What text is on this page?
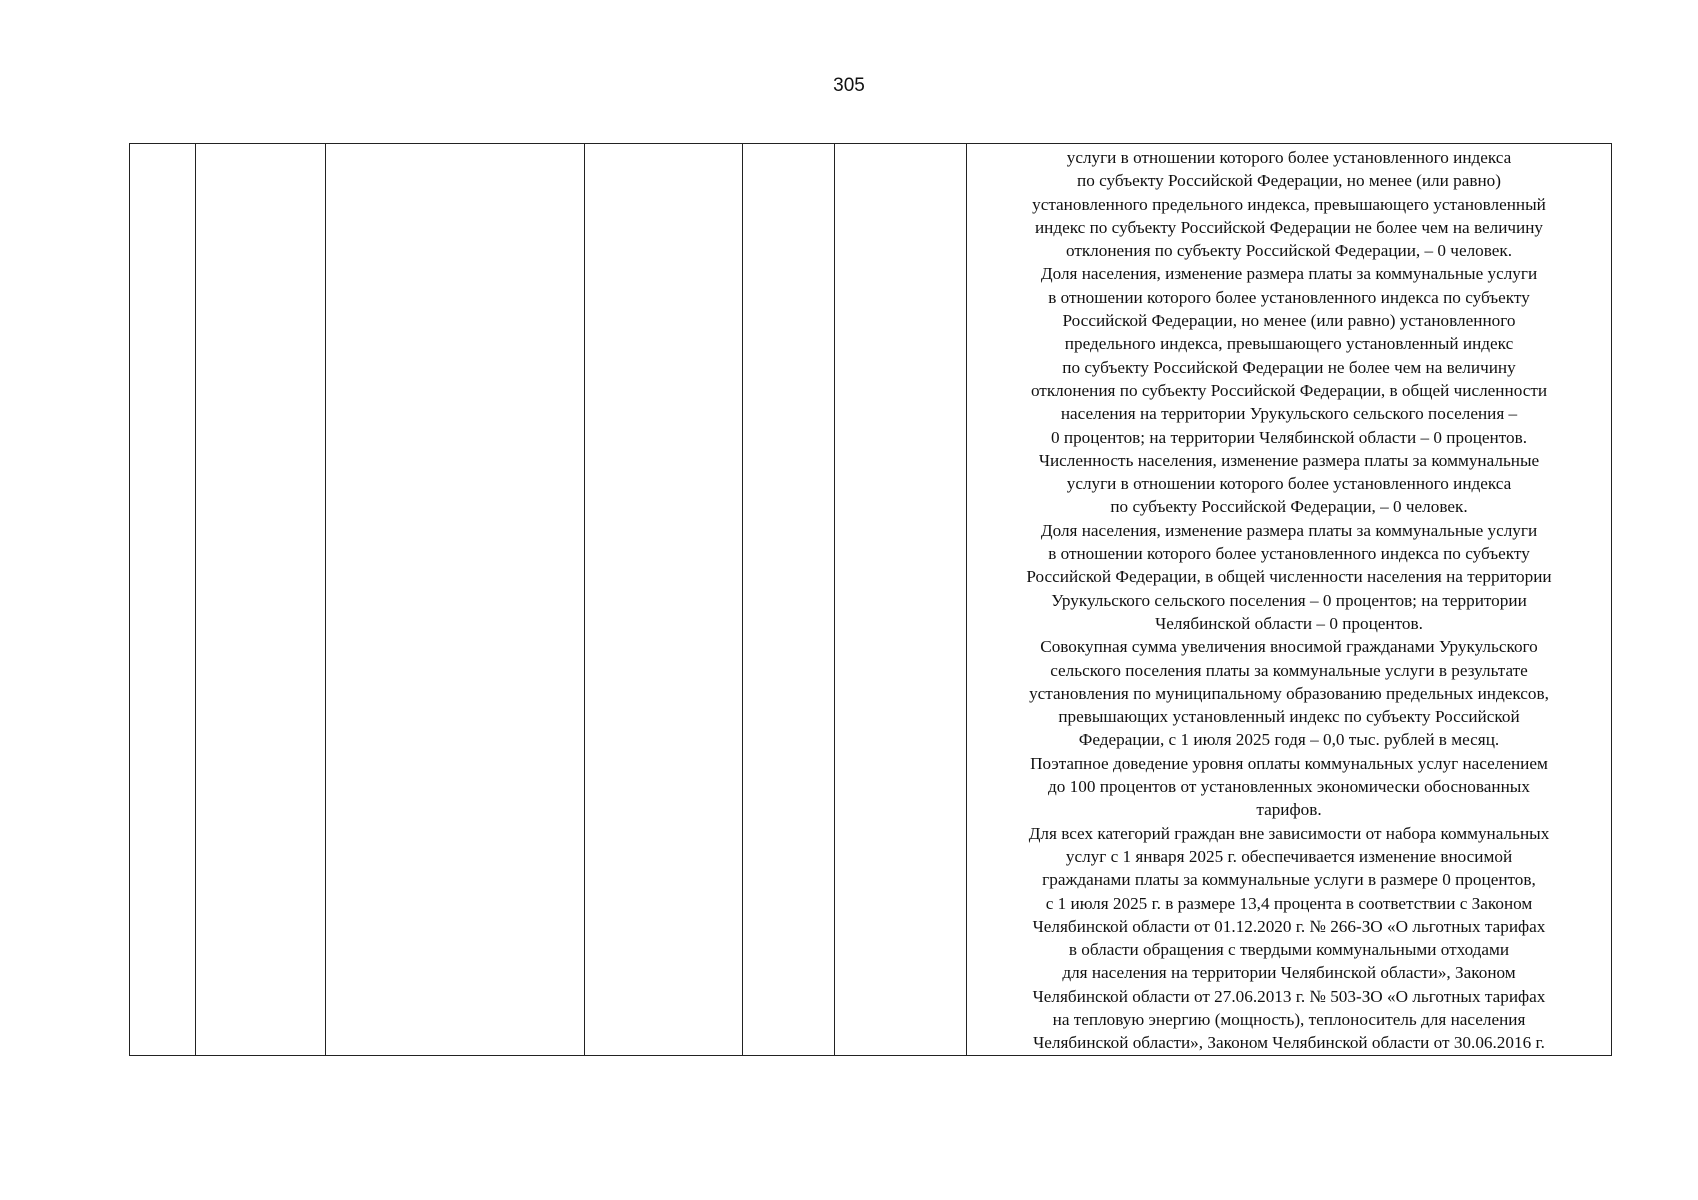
305

услуги в отношении которого более установленного индекса
по субъекту Российской Федерации, но менее (или равно)
установленного предельного индекса, превышающего установленный
индекс по субъекту Российской Федерации не более чем на величину
отклонения по субъекту Российской Федерации, – 0 человек.
Доля населения, изменение размера платы за коммунальные услуги
в отношении которого более установленного индекса по субъекту
Российской Федерации, но менее (или равно) установленного
предельного индекса, превышающего установленный индекс
по субъекту Российской Федерации не более чем на величину
отклонения по субъекту Российской Федерации, в общей численности
населения на территории Урукульского сельского поселения –
0 процентов; на территории Челябинской области – 0 процентов.
Численность населения, изменение размера платы за коммунальные
услуги в отношении которого более установленного индекса
по субъекту Российской Федерации, – 0 человек.
Доля населения, изменение размера платы за коммунальные услуги
в отношении которого более установленного индекса по субъекту
Российской Федерации, в общей численности населения на территории
Урукульского сельского поселения – 0 процентов; на территории
Челябинской области – 0 процентов.
Совокупная сумма увеличения вносимой гражданами Урукульского
сельского поселения платы за коммунальные услуги в результате
установления по муниципальному образованию предельных индексов,
превышающих установленный индекс по субъекту Российской
Федерации, с 1 июля 2025 годя – 0,0 тыс. рублей в месяц.
Поэтапное доведение уровня оплаты коммунальных услуг населением
до 100 процентов от установленных экономически обоснованных
тарифов.
Для всех категорий граждан вне зависимости от набора коммунальных
услуг с 1 января 2025 г. обеспечивается изменение вносимой
гражданами платы за коммунальные услуги в размере 0 процентов,
с 1 июля 2025 г. в размере 13,4 процента в соответствии с Законом
Челябинской области от 01.12.2020 г. № 266-ЗО «О льготных тарифах
в области обращения с твердыми коммунальными отходами
для населения на территории Челябинской области», Законом
Челябинской области от 27.06.2013 г. № 503-ЗО «О льготных тарифах
на тепловую энергию (мощность), теплоноситель для населения
Челябинской области», Законом Челябинской области от 30.06.2016 г.
